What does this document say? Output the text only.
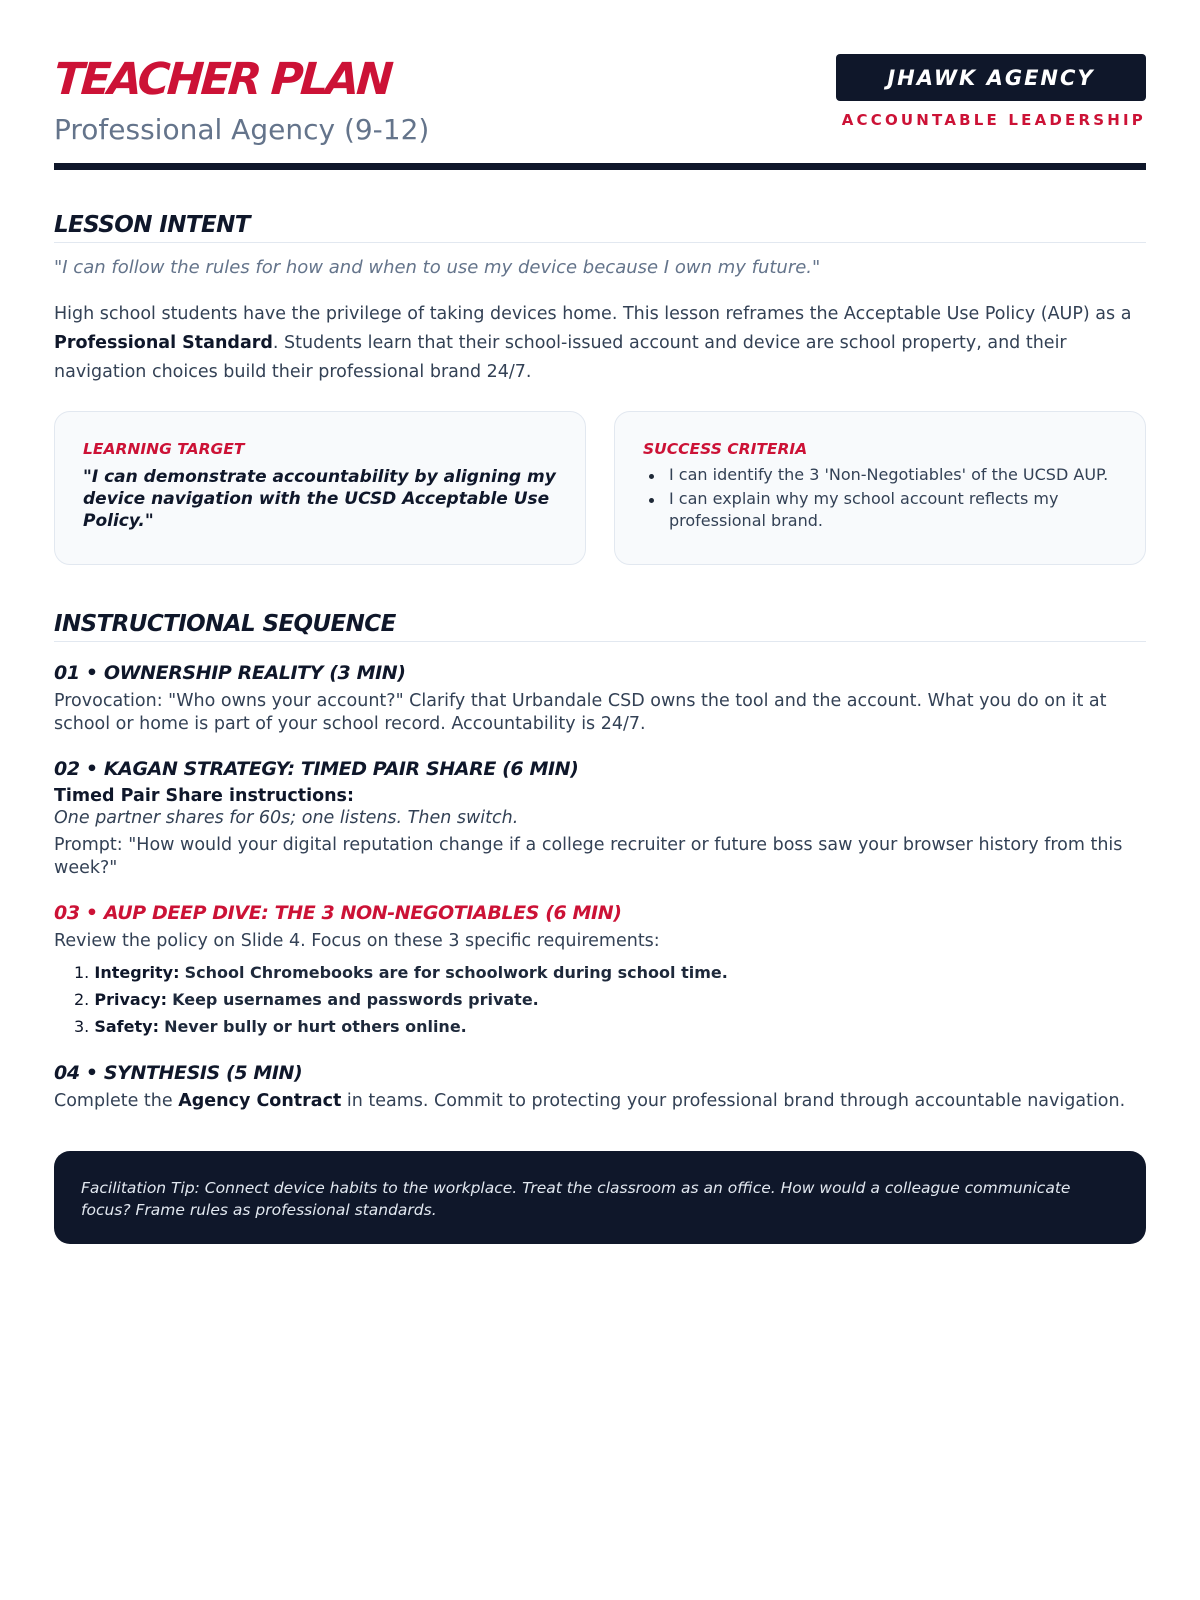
TEACHER PLAN
Professional Agency (9-12)
JHAWK AGENCY
ACCOUNTABLE LEADERSHIP
LESSON INTENT

"I can follow the rules for how and when to use my device because I own my future."

High school students have the privilege of taking devices home. This lesson reframes the Acceptable Use Policy (AUP) as a Professional Standard. Students learn that their school-issued account and device are school property, and their navigation choices build their professional brand 24/7.

LEARNING TARGET
"I can demonstrate accountability by aligning my device navigation with the UCSD Acceptable Use Policy."
SUCCESS CRITERIA
I can identify the 3 'Non-Negotiables' of the UCSD AUP.
I can explain why my school account reflects my professional brand.
INSTRUCTIONAL SEQUENCE
01 • OWNERSHIP REALITY (3 MIN)

Provocation: "Who owns your account?" Clarify that Urbandale CSD owns the tool and the account. What you do on it at school or home is part of your school record. Accountability is 24/7.

02 • KAGAN STRATEGY: TIMED PAIR SHARE (6 MIN)

Timed Pair Share instructions:

One partner shares for 60s; one listens. Then switch.

Prompt: "How would your digital reputation change if a college recruiter or future boss saw your browser history from this week?"

03 • AUP DEEP DIVE: THE 3 NON-NEGOTIABLES (6 MIN)

Review the policy on Slide 4. Focus on these 3 specific requirements:

1. Integrity: School Chromebooks are for schoolwork during school time.
2. Privacy: Keep usernames and passwords private.
3. Safety: Never bully or hurt others online.
04 • SYNTHESIS (5 MIN)

Complete the Agency Contract in teams. Commit to protecting your professional brand through accountable navigation.

Facilitation Tip: Connect device habits to the workplace. Treat the classroom as an office. How would a colleague communicate focus? Frame rules as professional standards.
